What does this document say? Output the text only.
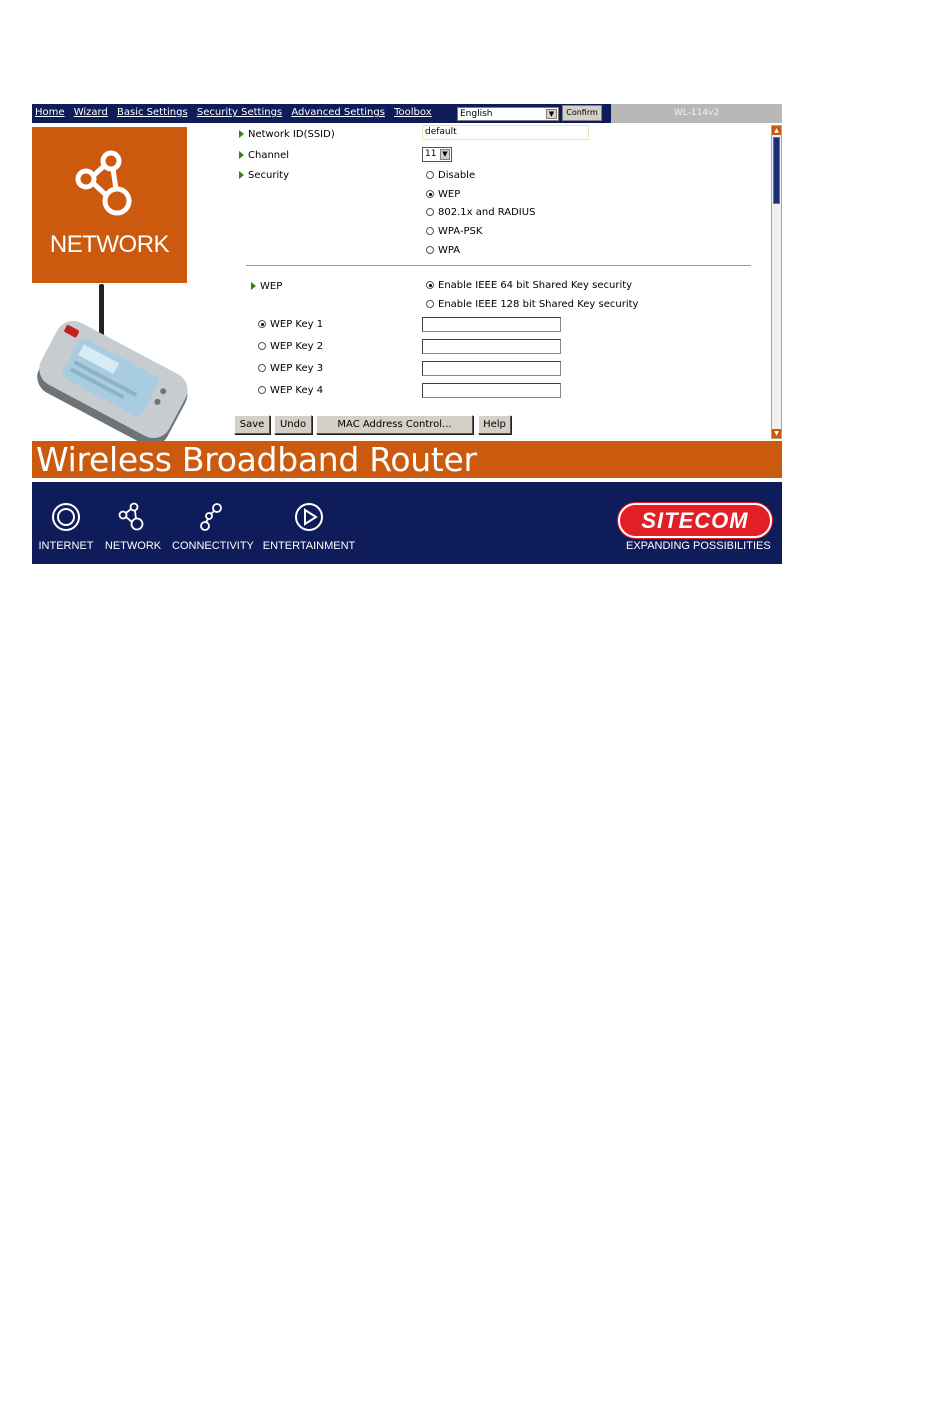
Home Wizard Basic Settings Security Settings Advanced Settings Toolbox	English	▼	Confirm	WL-114v2
NETWORK
Network ID(SSID)	default
Channel	11 ▼
Security	Disable
WEP
802.1x and RADIUS
WPA-PSK
WPA
WEP	Enable IEEE 64 bit Shared Key security
Enable IEEE 128 bit Shared Key security
WEP Key 1
WEP Key 2
WEP Key 3
WEP Key 4
Save	Undo	MAC Address Control...	Help
▲
▼
Wireless Broadband Router
INTERNET NETWORK CONNECTIVITY ENTERTAINMENT
SITECOM
EXPANDING POSSIBILITIES
